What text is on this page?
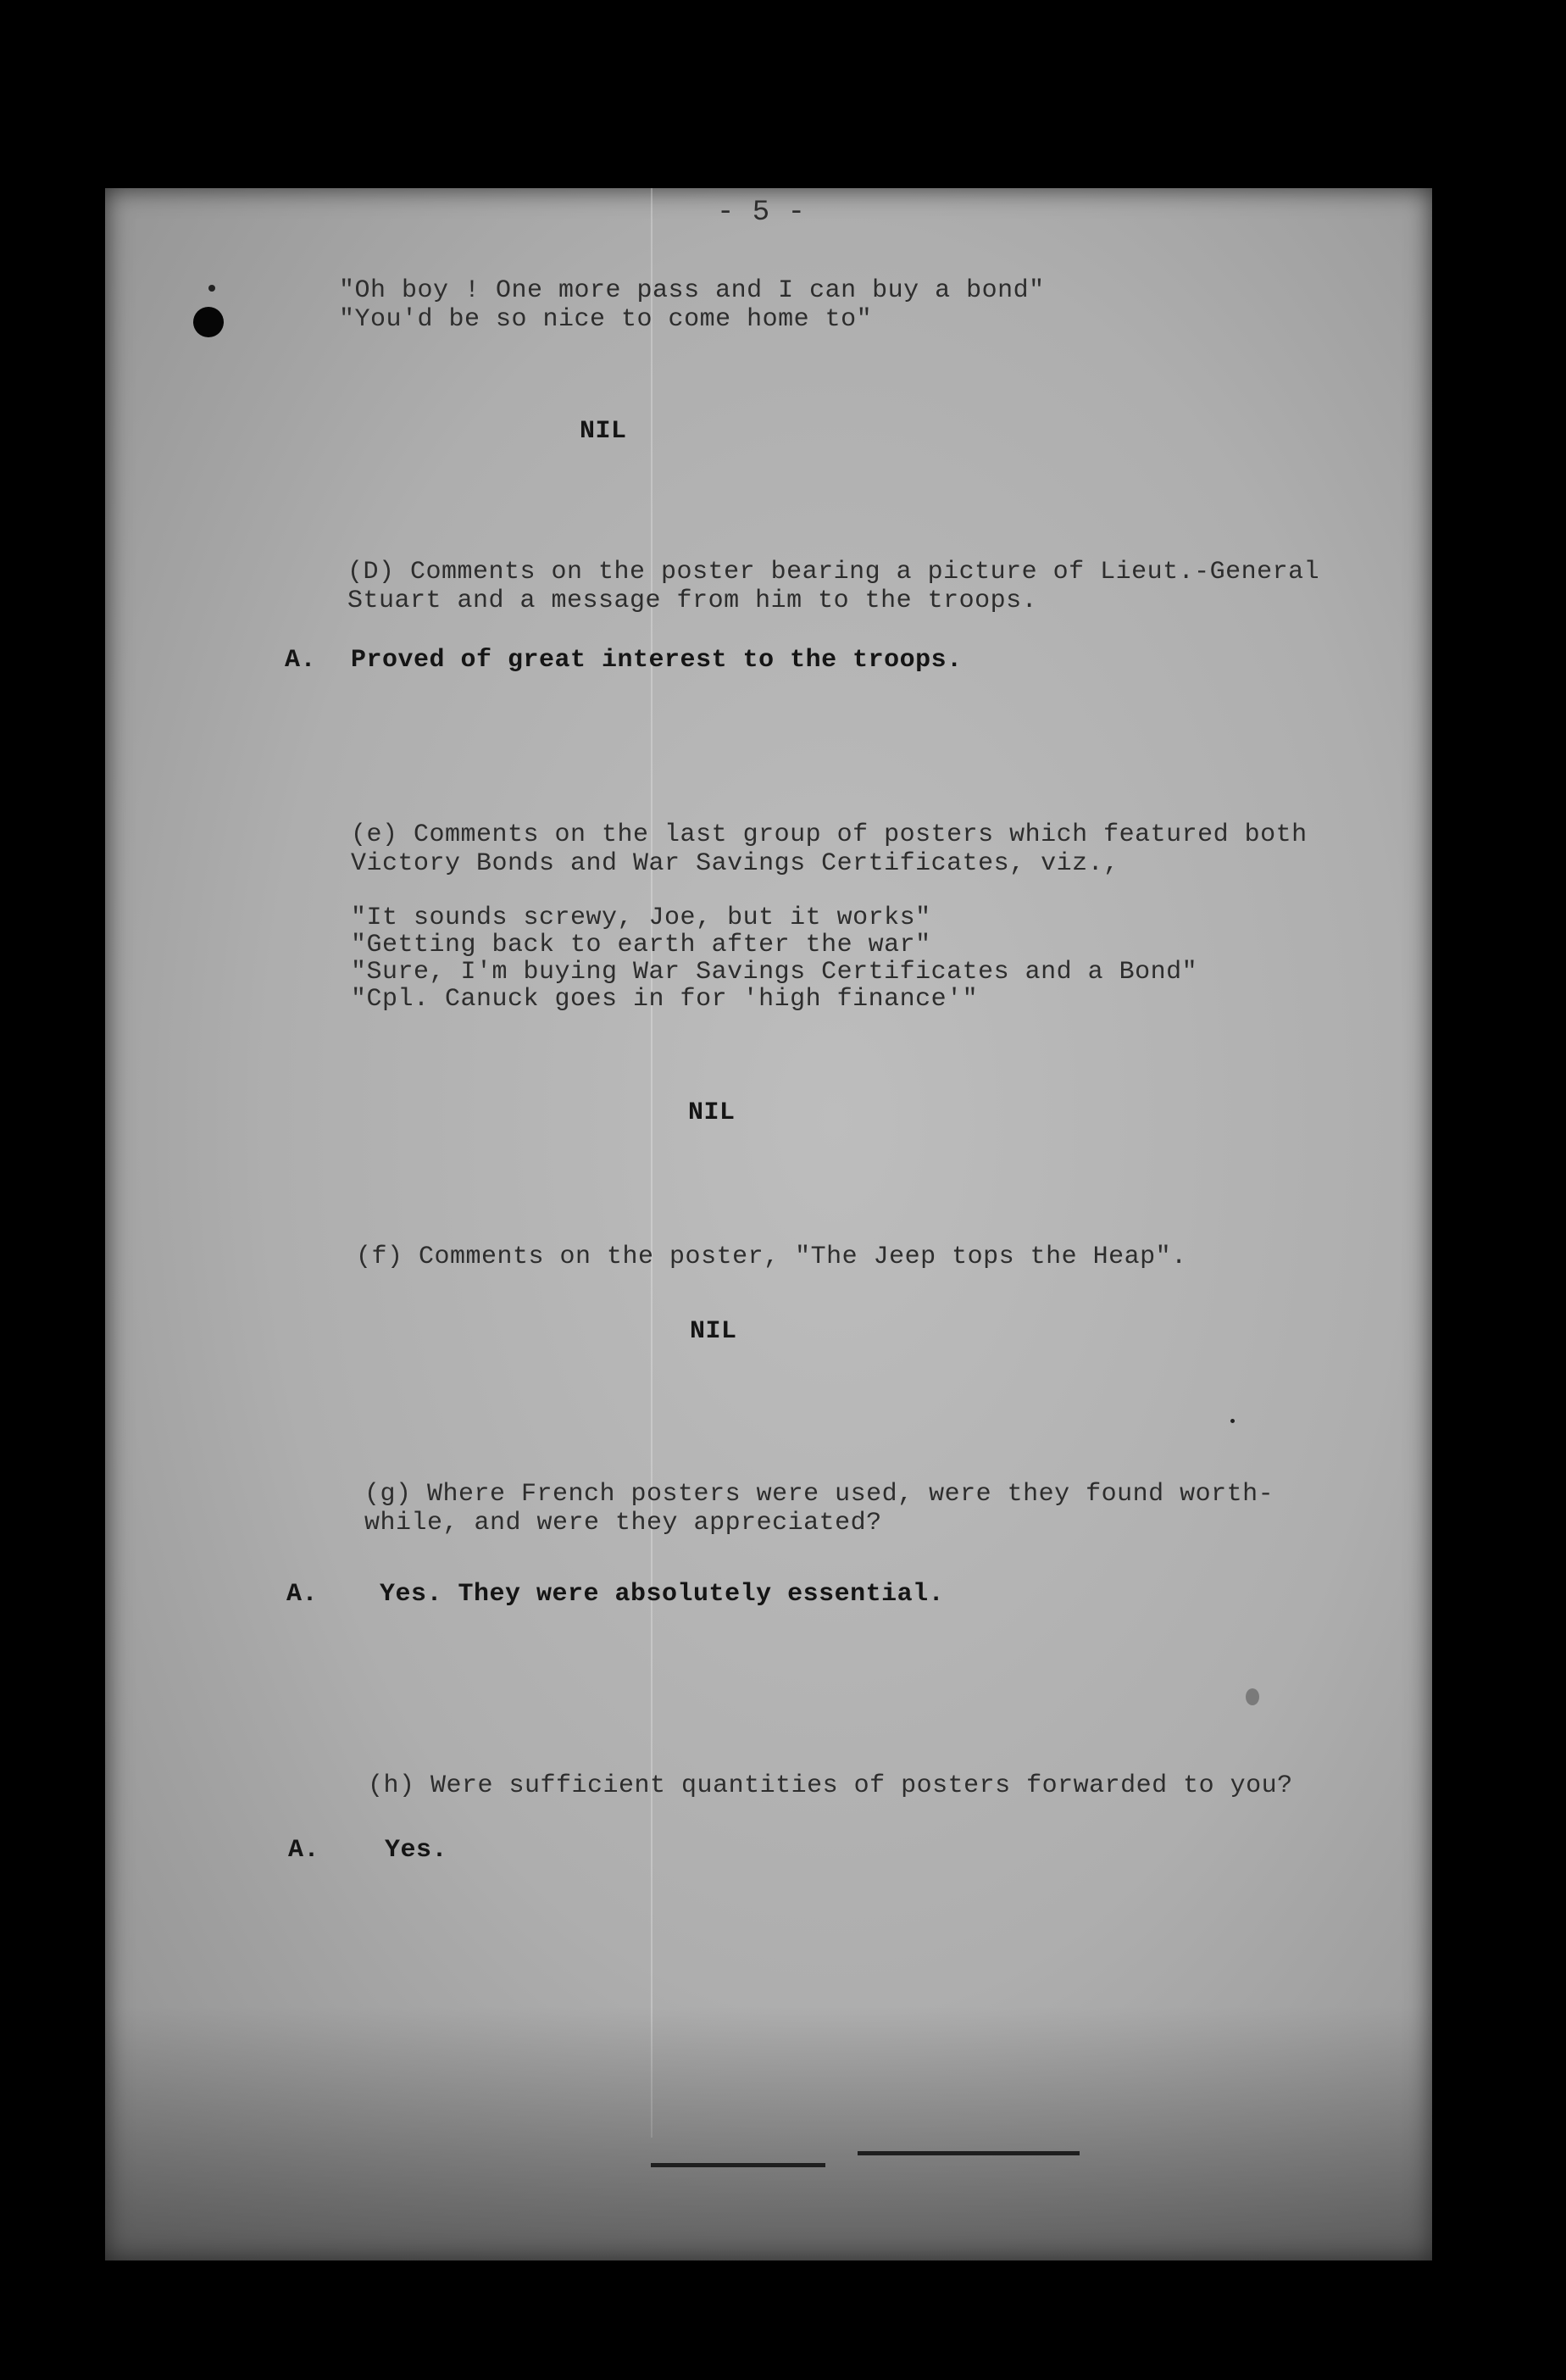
- 5 -
"Oh boy ! One more pass and I can buy a bond"
"You'd be so nice to come home to"
NIL
(D) Comments on the poster bearing a picture of Lieut.-General
Stuart and a message from him to the troops.
A. Proved of great interest to the troops.
(e) Comments on the last group of posters which featured both
Victory Bonds and War Savings Certificates, viz.,
"It sounds screwy, Joe, but it works"
"Getting back to earth after the war"
"Sure, I'm buying War Savings Certificates and a Bond"
"Cpl. Canuck goes in for 'high finance'"
NIL
(f) Comments on the poster, "The Jeep tops the Heap".
NIL
(g) Where French posters were used, were they found worth-
while, and were they appreciated?
A. Yes. They were absolutely essential.
(h) Were sufficient quantities of posters forwarded to you?
A.	Yes.
